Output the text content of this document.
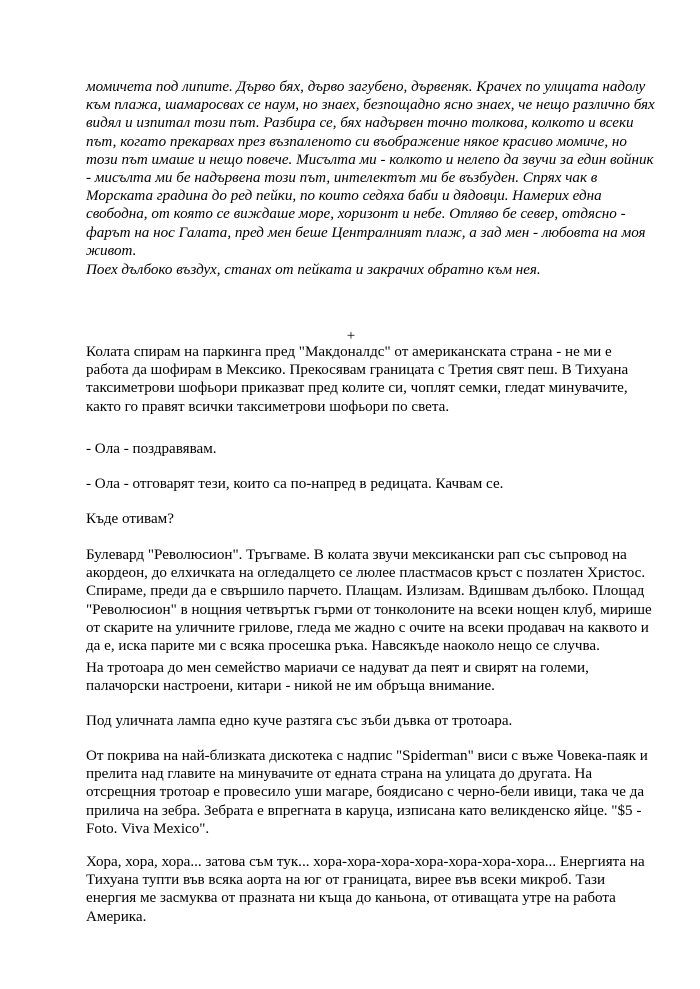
момичета под липите. Дърво бях, дърво загубено, дървеняк. Крачех по улицата надолу
към плажа, шамаросвах се наум, но знаех, безпощадно ясно знаех, че нещо различно бях
видял и изпитал този път. Разбира се, бях надървен точно толкова, колкото и всеки
път, когато прекарвах през възпаленото си въображение някое красиво момиче, но
този път имаше и нещо повече. Мисълта ми - колкото и нелепо да звучи за един войник
- мисълта ми бе надървена този път, интелектът ми бе възбуден. Спрях чак в
Морската градина до ред пейки, по които седяха баби и дядовци. Намерих една
свободна, от която се виждаше море, хоризонт и небе. Отляво бе север, отдясно -
фарът на нос Галата, пред мен беше Централният плаж, а зад мен - любовта на моя
живот.

Поех дълбоко въздух, станах от пейката и закрачих обратно към нея.

+

Колата спирам на паркинга пред "Макдоналдс" от американската страна - не ми е
работа да шофирам в Мексико. Прекосявам границата с Третия свят пеш. В Тихуана
таксиметрови шофьори приказват пред колите си, чоплят семки, гледат минувачите,
както го правят всички таксиметрови шофьори по света.

- Ола - поздравявам.

- Ола - отговарят тези, които са по-напред в редицата. Качвам се.

Къде отивам?

Булевард "Революсион". Тръгваме. В колата звучи мексикански рап със съпровод на
акордеон, до елхичката на огледалцето се люлее пластмасов кръст с позлатен Христос.
Спираме, преди да е свършило парчето. Плащам. Излизам. Вдишвам дълбоко. Площад
"Революсион" в нощния четвъртък гърми от тонколоните на всеки нощен клуб, мирише
от скарите на уличните грилове, гледа ме жадно с очите на всеки продавач на каквото и
да е, иска парите ми с всяка просешка ръка. Навсякъде наоколо нещо се случва.

На тротоара до мен семейство мариачи се надуват да пеят и свирят на големи,
палачорски настроени, китари - никой не им обръща внимание.

Под уличната лампа едно куче разтяга със зъби дъвка от тротоара.

От покрива на най-близката дискотека с надпис "Spiderman" виси с въже Човека-паяк и
прелита над главите на минувачите от едната страна на улицата до другата. На
отсрещния тротоар е провесило уши магаре, боядисано с черно-бели ивици, така че да
прилича на зебра. Зебрата е впрегната в каруца, изписана като великденско яйце. "$5 -
Foto. Viva Mexico".

Хора, хора, хора... затова съм тук... хора-хора-хора-хора-хора-хора-хора... Енергията на
Тихуана тупти във всяка аорта на юг от границата, вирее във всеки микроб. Тази
енергия ме засмуква от празната ни къща до каньона, от отиващата утре на работа
Америка.
